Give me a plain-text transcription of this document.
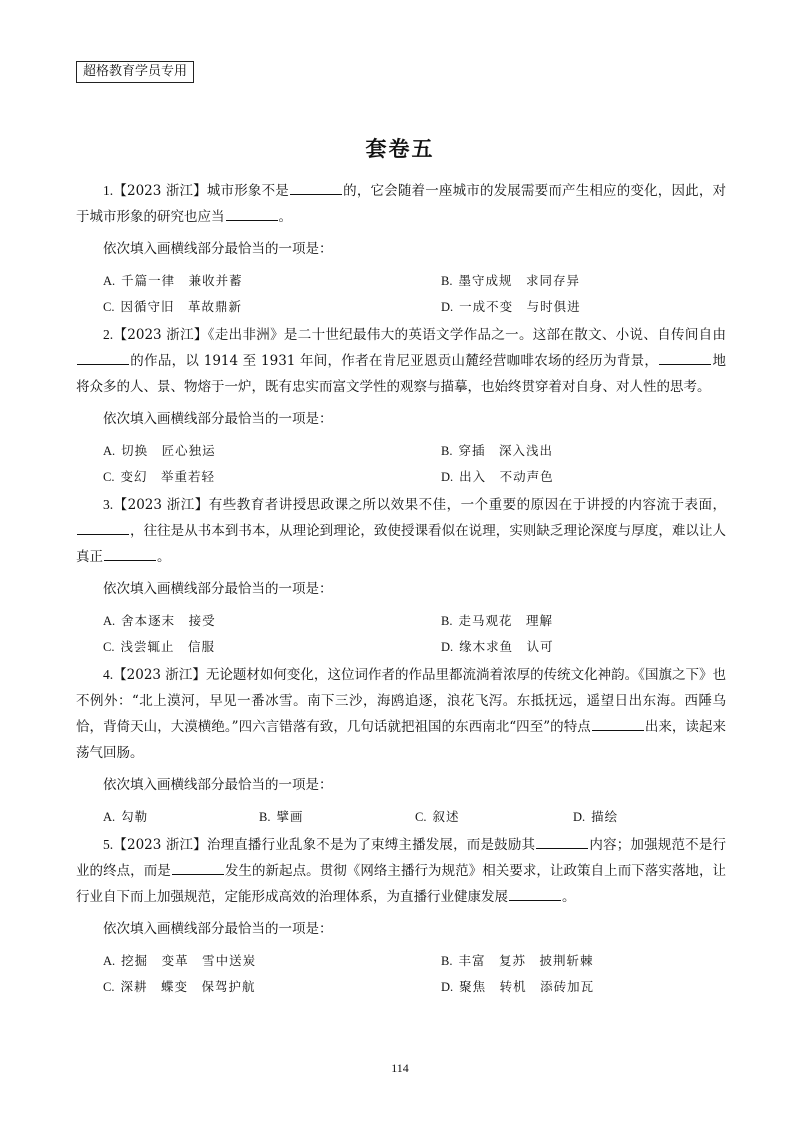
超格教育学员专用
套卷五

1.【2023 浙江】城市形象不是	的，它会随着一座城市的发展需要而产生相应的变化，因此，对于城市形象的研究也应当	。

依次填入画横线部分最恰当的一项是：

A. 千篇一律　兼收并蓄	B. 墨守成规　求同存异
C. 因循守旧　革故鼎新	D. 一成不变　与时俱进

2.【2023 浙江】《走出非洲》是二十世纪最伟大的英语文学作品之一。这部在散文、小说、自传间自由的作品，以 1914 至 1931 年间，作者在肯尼亚恩贡山麓经营咖啡农场的经历为背景，	地将众多的人、景、物熔于一炉，既有忠实而富文学性的观察与描摹，也始终贯穿着对自身、对人性的思考。

依次填入画横线部分最恰当的一项是：

A. 切换　匠心独运	B. 穿插　深入浅出
C. 变幻　举重若轻	D. 出入　不动声色

3.【2023 浙江】有些教育者讲授思政课之所以效果不佳，一个重要的原因在于讲授的内容流于表面，，往往是从书本到书本，从理论到理论，致使授课看似在说理，实则缺乏理论深度与厚度，难以让人真正	。

依次填入画横线部分最恰当的一项是：

A. 舍本逐末　接受	B. 走马观花　理解
C. 浅尝辄止　信服	D. 缘木求鱼　认可

4.【2023 浙江】无论题材如何变化，这位词作者的作品里都流淌着浓厚的传统文化神韵。《国旗之下》也不例外：“北上漠河，早见一番冰雪。南下三沙，海鸥追逐，浪花飞泻。东抵抚远，遥望日出东海。西陲乌恰，背倚天山，大漠横绝。”四六言错落有致，几句话就把祖国的东西南北“四至”的特点	出来，读起来荡气回肠。

依次填入画横线部分最恰当的一项是：

A. 勾勒	B. 擘画	C. 叙述	D. 描绘

5.【2023 浙江】治理直播行业乱象不是为了束缚主播发展，而是鼓励其	内容；加强规范不是行业的终点，而是	发生的新起点。贯彻《网络主播行为规范》相关要求，让政策自上而下落实落地，让行业自下而上加强规范，定能形成高效的治理体系，为直播行业健康发展	。

依次填入画横线部分最恰当的一项是：

A. 挖掘　变革　雪中送炭	B. 丰富　复苏　披荆斩棘
C. 深耕　蝶变　保驾护航	D. 聚焦　转机　添砖加瓦
114
